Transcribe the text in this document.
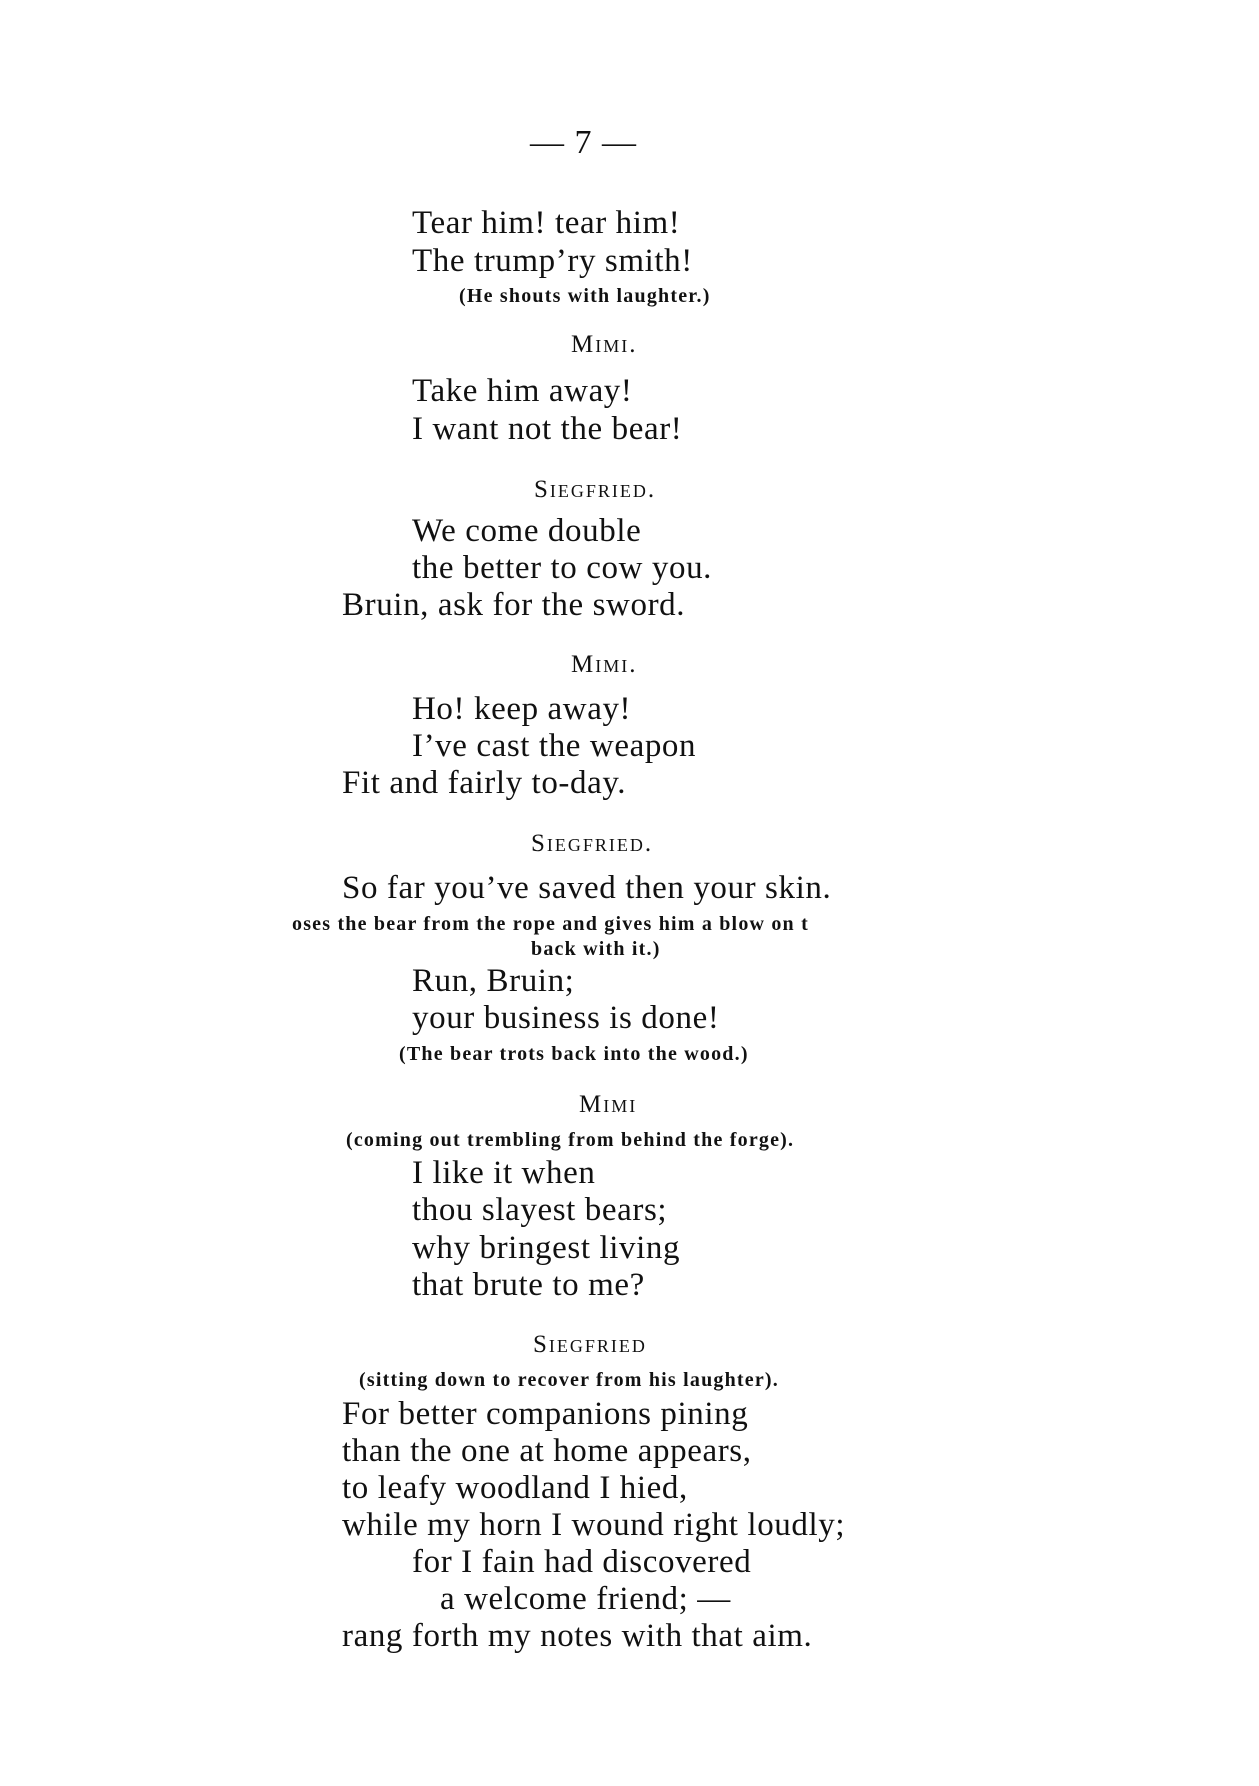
— 7 —
Tear him! tear him!
The trump’ry smith!
(He shouts with laughter.)
Mimi.
Take him away!
I want not the bear!
Siegfried.
We come double
the better to cow you.
Bruin, ask for the sword.
Mimi.
Ho! keep away!
I’ve cast the weapon
Fit and fairly to-day.
Siegfried.
So far you’ve saved then your skin.
oses the bear from the rope and gives him a blow on t
back with it.)
Run, Bruin;
your business is done!
(The bear trots back into the wood.)
Mimi
(coming out trembling from behind the forge).
I like it when
thou slayest bears;
why bringest living
that brute to me?
Siegfried
(sitting down to recover from his laughter).
For better companions pining
than the one at home appears,
to leafy woodland I hied,
while my horn I wound right loudly;
for I fain had discovered
a welcome friend; —
rang forth my notes with that aim.
